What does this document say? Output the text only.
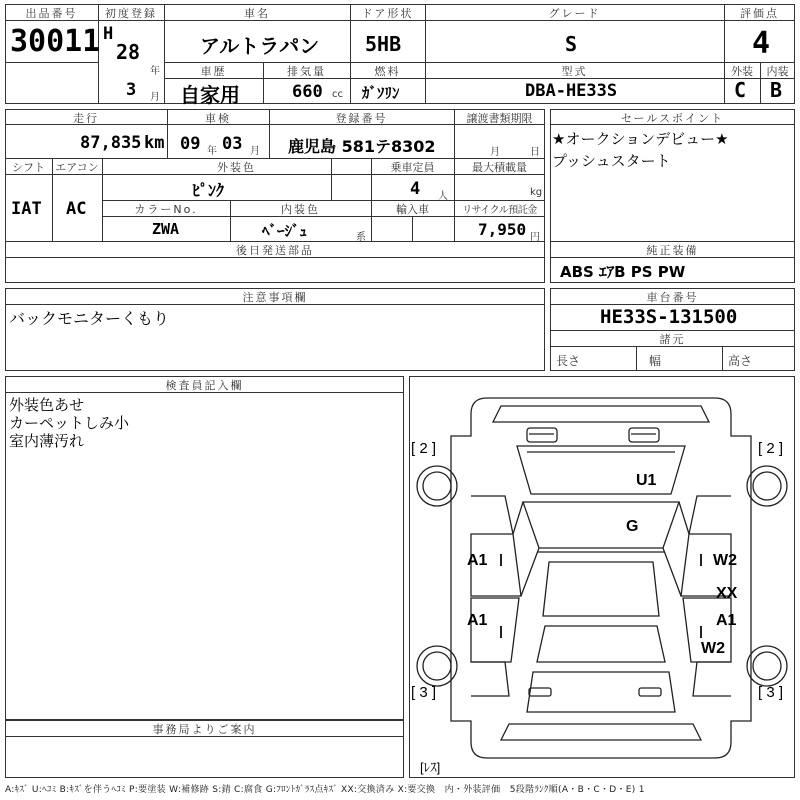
出品番号
30011
初度登録
H
28
年
3 月
車名
アルトラパン
ドア形状
5HB
グレード
S
評価点
4
車歴
自家用
排気量
660 cc
燃料
ｶﾞｿﾘﾝ
型式
DBA-HE33S
外装	内装
C B
走行
87,835 km
車検
09 年 03 月
登録番号
鹿児島 581テ8302
譲渡書類期限
月	日
シフト
IAT
エアコン
AC
外装色
ﾋﾟﾝｸ
乗車定員
4 人
最大積載量
kg
カラーNo.
ZWA
内装色
ﾍﾞｰｼﾞｭ	系
輸入車	リサイクル預託金
7,950 円
後日発送部品
セールスポイント
★オークションデビュー★
プッシュスタート
純正装備
ABS ｴｱB PS PW
注意事項欄
バックモニターくもり
車台番号
HE33S-131500
諸元
長さ	幅	高さ
検査員記入欄
外装色あせ
カーペットしみ小
室内薄汚れ
事務局よりご案内
[ 2 ]	[ 2 ]
[ 3 ]	[ 3 ]
[ﾚｽ]
U1
G
A1
A1
W2
XX
A1
W2
A:ｷｽﾞ U:ﾍｺﾐ B:ｷｽﾞを伴うﾍｺﾐ P:要塗装 W:補修跡 S:錆 C:腐食 G:ﾌﾛﾝﾄｶﾞﾗｽ点ｷｽﾞ XX:交換済み X:要交換　内・外装評価　5段階ﾗﾝｸ順(A・B・C・D・E) 1
